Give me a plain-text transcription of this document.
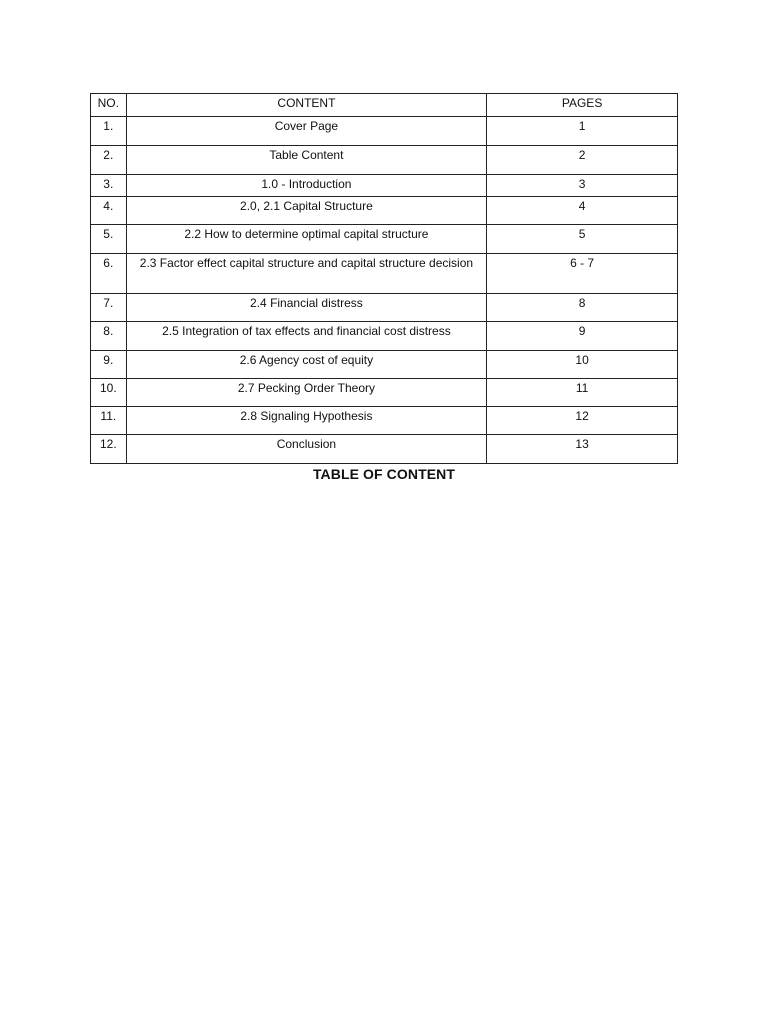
NO.	CONTENT	PAGES
1.	Cover Page	1
2.	Table Content	2
3.	1.0 - Introduction	3
4.	2.0, 2.1 Capital Structure	4
5.	2.2 How to determine optimal capital structure	5
6.	2.3 Factor effect capital structure and capital structure decision	6 - 7
7.	2.4 Financial distress	8
8.	2.5 Integration of tax effects and financial cost distress	9
9.	2.6 Agency cost of equity	10
10.	2.7 Pecking Order Theory	11
11.	2.8 Signaling Hypothesis	12
12.	Conclusion	13
TABLE OF CONTENT
